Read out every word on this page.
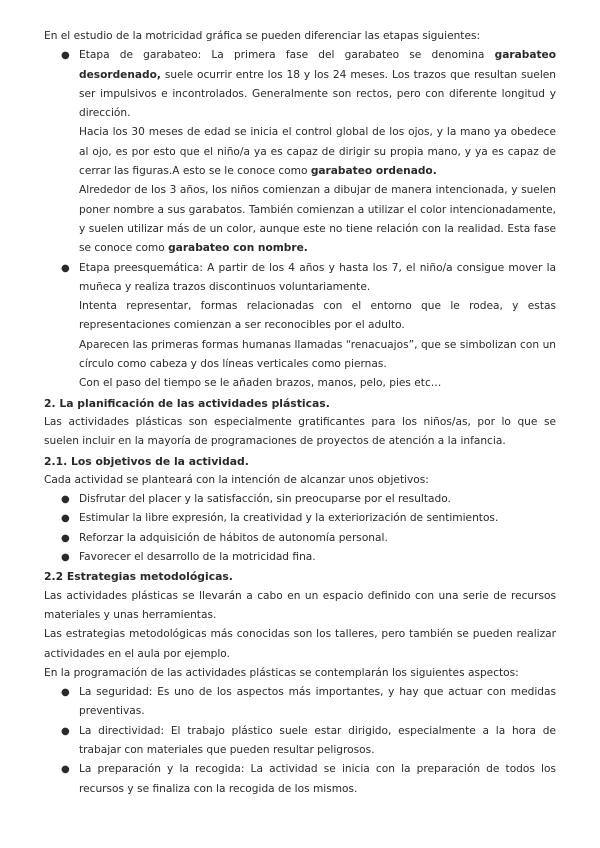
En el estudio de la motricidad gráfica se pueden diferenciar las etapas siguientes:

● Etapa de garabateo: La primera fase del garabateo se denomina garabateo desordenado, suele ocurrir entre los 18 y los 24 meses. Los trazos que resultan suelen ser impulsivos e incontrolados. Generalmente son rectos, pero con diferente longitud y dirección.

Hacia los 30 meses de edad se inicia el control global de los ojos, y la mano ya obedece al ojo, es por esto que el niño/a ya es capaz de dirigir su propia mano, y ya es capaz de cerrar las figuras.A esto se le conoce como garabateo ordenado.

Alrededor de los 3 años, los niños comienzan a dibujar de manera intencionada, y suelen poner nombre a sus garabatos. También comienzan a utilizar el color intencionadamente, y suelen utilizar más de un color, aunque este no tiene relación con la realidad. Esta fase se conoce como garabateo con nombre.

● Etapa preesquemática: A partir de los 4 años y hasta los 7, el niño/a consigue mover la muñeca y realiza trazos discontinuos voluntariamente.

Intenta representar, formas relacionadas con el entorno que le rodea, y estas representaciones comienzan a ser reconocibles por el adulto.

Aparecen las primeras formas humanas llamadas “renacuajos”, que se simbolizan con un círculo como cabeza y dos líneas verticales como piernas.

Con el paso del tiempo se le añaden brazos, manos, pelo, pies etc…

2. La planificación de las actividades plásticas.

Las actividades plásticas son especialmente gratificantes para los niños/as, por lo que se suelen incluir en la mayoría de programaciones de proyectos de atención a la infancia.

2.1. Los objetivos de la actividad.

Cada actividad se planteará con la intención de alcanzar unos objetivos:

● Disfrutar del placer y la satisfacción, sin preocuparse por el resultado.
● Estimular la libre expresión, la creatividad y la exteriorización de sentimientos.
● Reforzar la adquisición de hábitos de autonomía personal.
● Favorecer el desarrollo de la motricidad fina.
2.2 Estrategias metodológicas.

Las actividades plásticas se llevarán a cabo en un espacio definido con una serie de recursos materiales y unas herramientas.

Las estrategias metodológicas más conocidas son los talleres, pero también se pueden realizar actividades en el aula por ejemplo.

En la programación de las actividades plásticas se contemplarán los siguientes aspectos:

● La seguridad: Es uno de los aspectos más importantes, y hay que actuar con medidas preventivas.

● La directividad: El trabajo plástico suele estar dirigido, especialmente a la hora de trabajar con materiales que pueden resultar peligrosos.

● La preparación y la recogida: La actividad se inicia con la preparación de todos los recursos y se finaliza con la recogida de los mismos.
